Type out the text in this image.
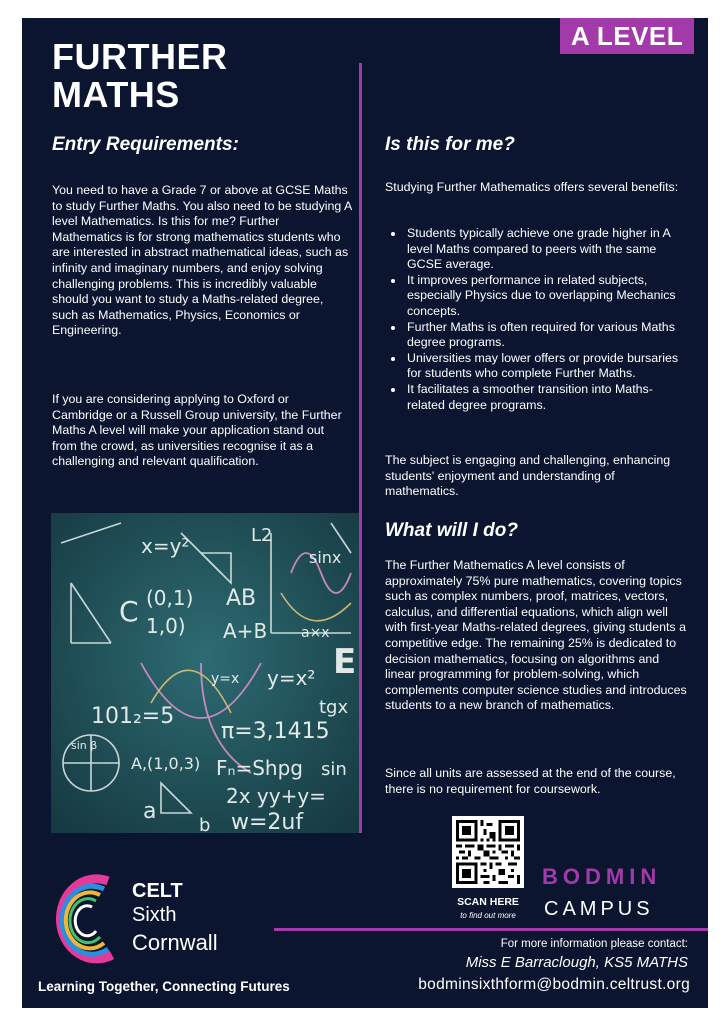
A LEVEL
FURTHER
MATHS
Entry Requirements:

You need to have a Grade 7 or above at GCSE Maths to study Further Maths. You also need to be studying A level Mathematics. Is this for me? Further Mathematics is for strong mathematics students who are interested in abstract mathematical ideas, such as infinity and imaginary numbers, and enjoy solving challenging problems. This is incredibly valuable should you want to study a Maths-related degree, such as Mathematics, Physics, Economics or Engineering.

If you are considering applying to Oxford or Cambridge or a Russell Group university, the Further Maths A level will make your application stand out from the crowd, as universities recognise it as a challenging and relevant qualification.

x=y²	L2
sinx
(0,1)
1,0)
AB
A+B
C
y=x²
101₂=5
π=3,1415
tgx
A,(1,0,3) Fₙ=Shpg sin
2x yy+y=
w=2uf
sin β
a
b
E
a×x
y=x
Is this for me?

Studying Further Mathematics offers several benefits:

Students typically achieve one grade higher in A level Maths compared to peers with the same GCSE average.
It improves performance in related subjects, especially Physics due to overlapping Mechanics concepts.
Further Maths is often required for various Maths degree programs.
Universities may lower offers or provide bursaries for students who complete Further Maths.
It facilitates a smoother transition into Maths-related degree programs.

The subject is engaging and challenging, enhancing students' enjoyment and understanding of mathematics.

What will I do?

The Further Mathematics A level consists of approximately 75% pure mathematics, covering topics such as complex numbers, proof, matrices, vectors, calculus, and differential equations, which align well with first-year Maths-related degrees, giving students a competitive edge. The remaining 25% is dedicated to decision mathematics, focusing on algorithms and linear programming for problem-solving, which complements computer science studies and introduces students to a new branch of mathematics.

Since all units are assessed at the end of the course, there is no requirement for coursework.

SCAN HERE
to find out more
BODMIN
CAMPUS
CELT
Sixth
Cornwall
Learning Together, Connecting Futures
For more information please contact:
Miss E Barraclough, KS5 MATHS
bodminsixthform@bodmin.celtrust.org
